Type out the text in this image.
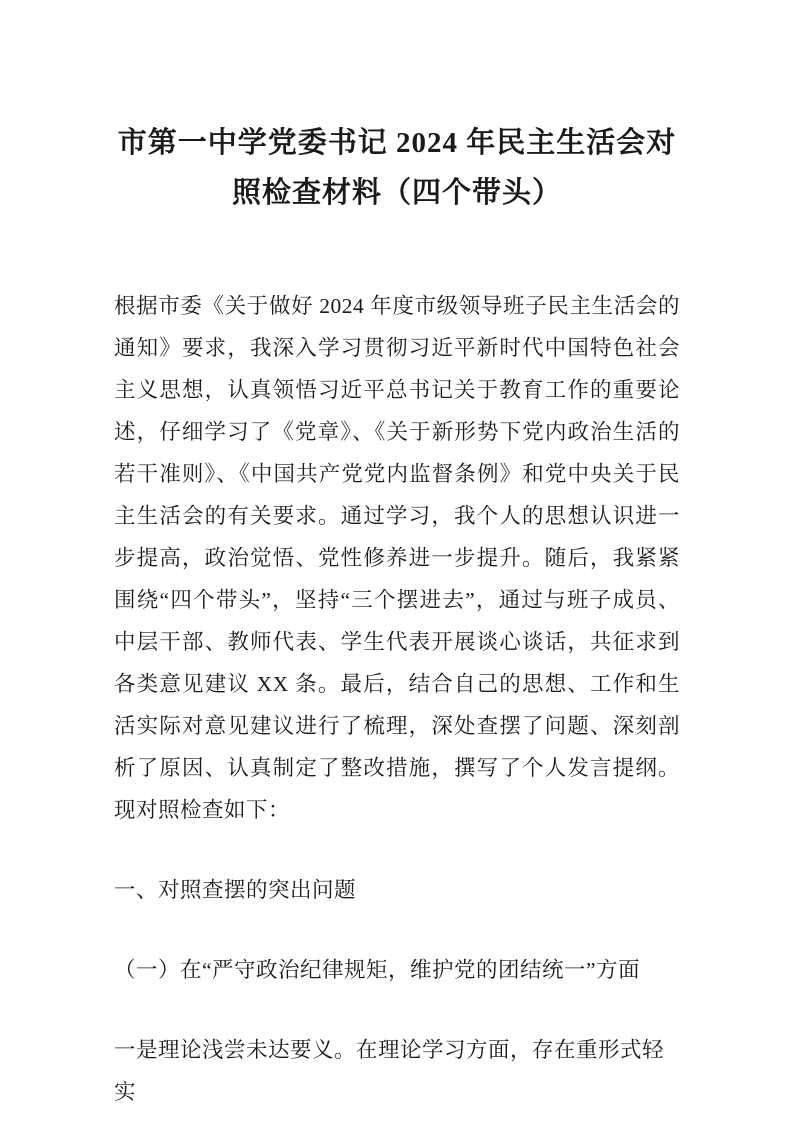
市第一中学党委书记 2024 年民主生活会对照检查材料（四个带头）

根据市委《关于做好 2024 年度市级领导班子民主生活会的通知》要求，我深入学习贯彻习近平新时代中国特色社会主义思想，认真领悟习近平总书记关于教育工作的重要论述，仔细学习了《党章》、《关于新形势下党内政治生活的若干准则》、《中国共产党党内监督条例》和党中央关于民主生活会的有关要求。通过学习，我个人的思想认识进一步提高，政治觉悟、党性修养进一步提升。随后，我紧紧围绕“四个带头”，坚持“三个摆进去”，通过与班子成员、中层干部、教师代表、学生代表开展谈心谈话，共征求到各类意见建议 XX 条。最后，结合自己的思想、工作和生活实际对意见建议进行了梳理，深处查摆了问题、深刻剖析了原因、认真制定了整改措施，撰写了个人发言提纲。现对照检查如下：

一、对照查摆的突出问题

（一）在“严守政治纪律规矩，维护党的团结统一”方面

一是理论浅尝未达要义。在理论学习方面，存在重形式轻实
